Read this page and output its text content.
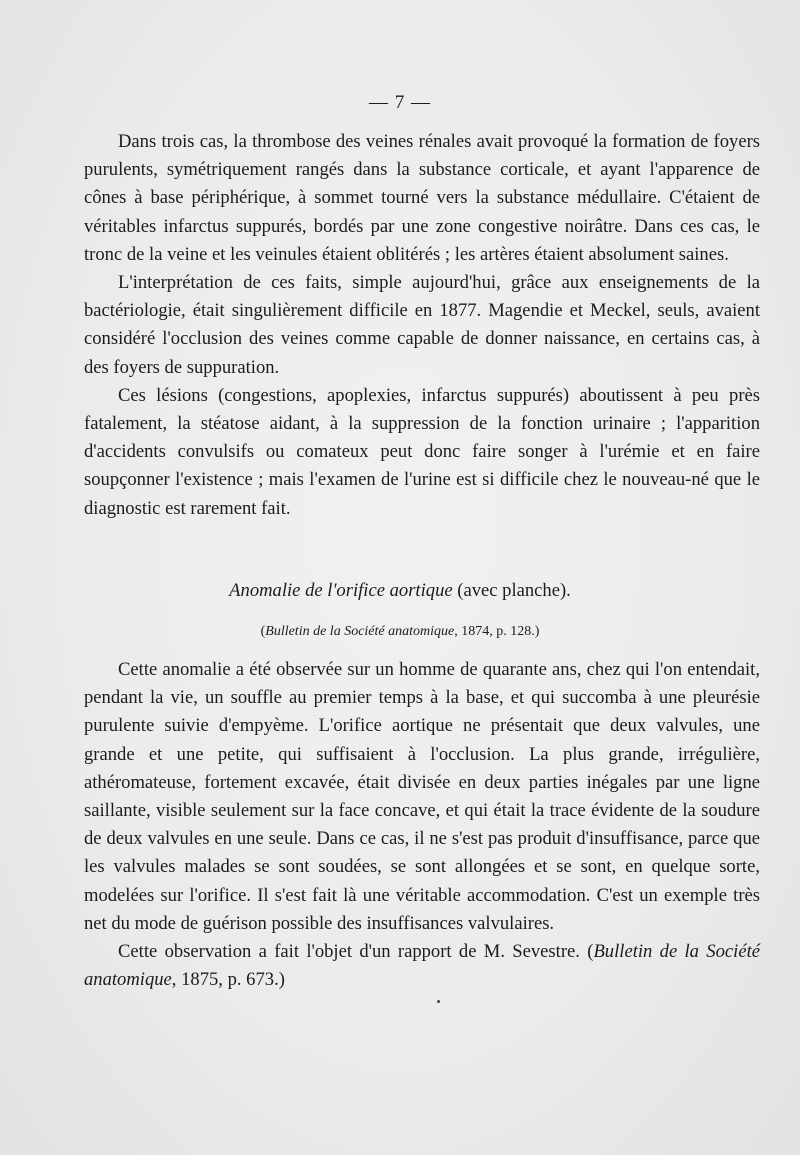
— 7 —

Dans trois cas, la thrombose des veines rénales avait provoqué la formation de foyers purulents, symétriquement rangés dans la substance corticale, et ayant l'apparence de cônes à base périphérique, à sommet tourné vers la substance médullaire. C'étaient de véritables infarctus suppurés, bordés par une zone congestive noirâtre. Dans ces cas, le tronc de la veine et les veinules étaient oblitérés ; les artères étaient absolument saines.

L'interprétation de ces faits, simple aujourd'hui, grâce aux enseignements de la bactériologie, était singulièrement difficile en 1877. Magendie et Meckel, seuls, avaient considéré l'occlusion des veines comme capable de donner naissance, en certains cas, à des foyers de suppuration.

Ces lésions (congestions, apoplexies, infarctus suppurés) aboutissent à peu près fatalement, la stéatose aidant, à la suppression de la fonction urinaire ; l'apparition d'accidents convulsifs ou comateux peut donc faire songer à l'urémie et en faire soupçonner l'existence ; mais l'examen de l'urine est si difficile chez le nouveau-né que le diagnostic est rarement fait.

Anomalie de l'orifice aortique (avec planche).
(Bulletin de la Société anatomique, 1874, p. 128.)

Cette anomalie a été observée sur un homme de quarante ans, chez qui l'on entendait, pendant la vie, un souffle au premier temps à la base, et qui succomba à une pleurésie purulente suivie d'empyème. L'orifice aortique ne présentait que deux valvules, une grande et une petite, qui suffisaient à l'occlusion. La plus grande, irrégulière, athéromateuse, fortement excavée, était divisée en deux parties inégales par une ligne saillante, visible seulement sur la face concave, et qui était la trace évidente de la soudure de deux valvules en une seule. Dans ce cas, il ne s'est pas produit d'insuffisance, parce que les valvules malades se sont soudées, se sont allongées et se sont, en quelque sorte, modelées sur l'orifice. Il s'est fait là une véritable accommodation. C'est un exemple très net du mode de guérison possible des insuffisances valvulaires.

Cette observation a fait l'objet d'un rapport de M. Sevestre. (Bulletin de la Société anatomique, 1875, p. 673.)
